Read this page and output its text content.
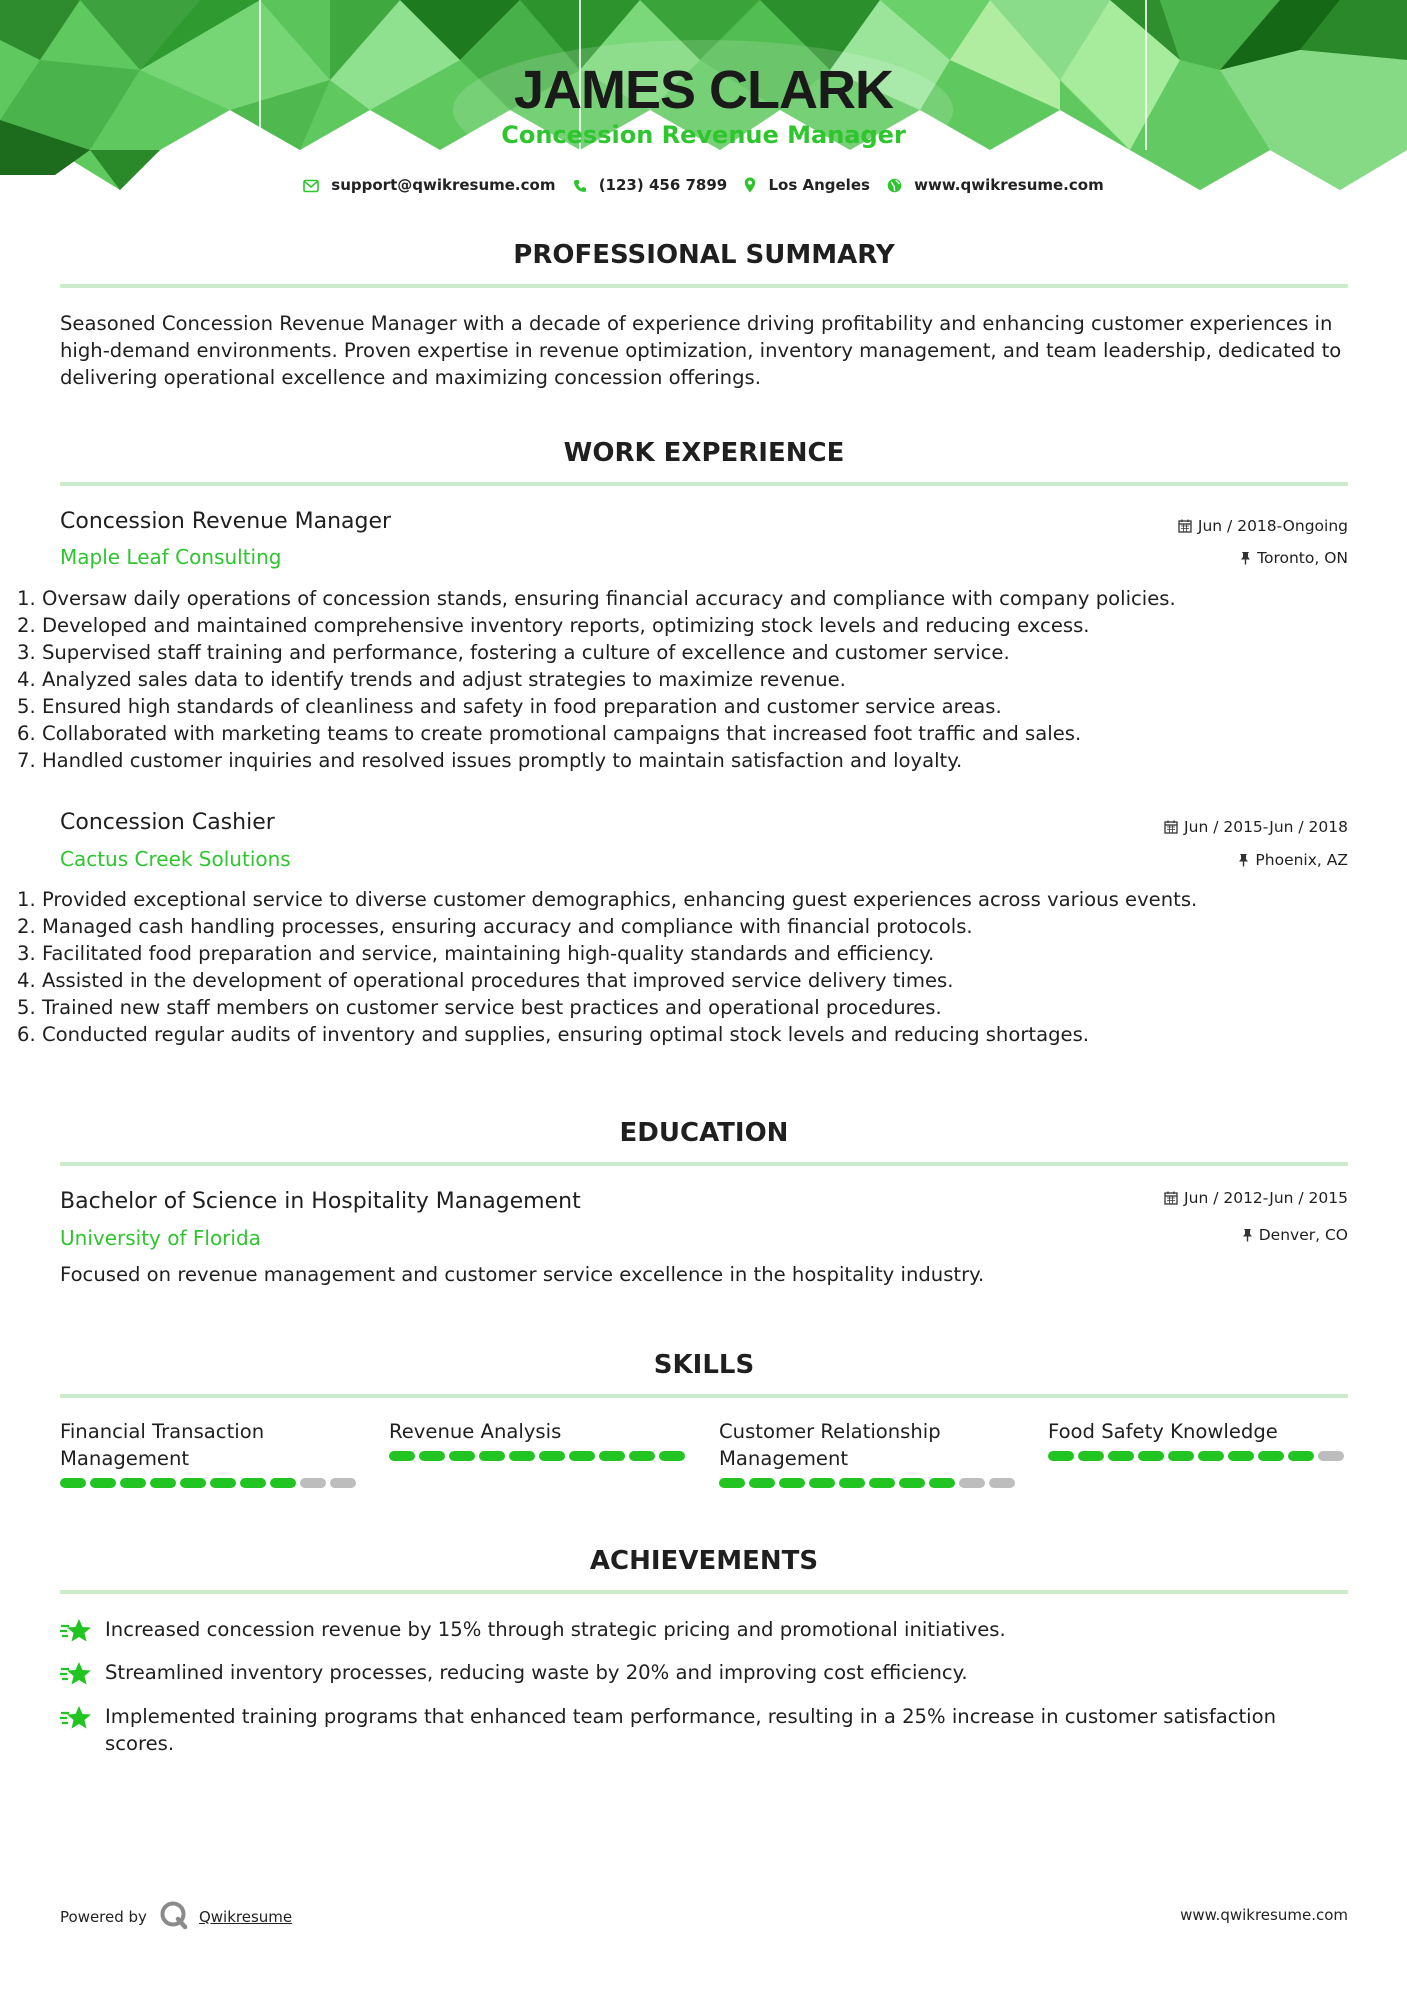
JAMES CLARK
Concession Revenue Manager
support@qwikresume.com	(123) 456 7899	Los Angeles	www.qwikresume.com
PROFESSIONAL SUMMARY

Seasoned Concession Revenue Manager with a decade of experience driving profitability and enhancing customer experiences in high-demand environments. Proven expertise in revenue optimization, inventory management, and team leadership, dedicated to delivering operational excellence and maximizing concession offerings.

WORK EXPERIENCE
Concession Revenue Manager	Jun / 2018-Ongoing
Maple Leaf Consulting	Toronto, ON
1. Oversaw daily operations of concession stands, ensuring financial accuracy and compliance with company policies.
2. Developed and maintained comprehensive inventory reports, optimizing stock levels and reducing excess.
3. Supervised staff training and performance, fostering a culture of excellence and customer service.
4. Analyzed sales data to identify trends and adjust strategies to maximize revenue.
5. Ensured high standards of cleanliness and safety in food preparation and customer service areas.
6. Collaborated with marketing teams to create promotional campaigns that increased foot traffic and sales.
7. Handled customer inquiries and resolved issues promptly to maintain satisfaction and loyalty.
Concession Cashier	Jun / 2015-Jun / 2018
Cactus Creek Solutions	Phoenix, AZ
1. Provided exceptional service to diverse customer demographics, enhancing guest experiences across various events.
2. Managed cash handling processes, ensuring accuracy and compliance with financial protocols.
3. Facilitated food preparation and service, maintaining high-quality standards and efficiency.
4. Assisted in the development of operational procedures that improved service delivery times.
5. Trained new staff members on customer service best practices and operational procedures.
6. Conducted regular audits of inventory and supplies, ensuring optimal stock levels and reducing shortages.
EDUCATION
Bachelor of Science in Hospitality Management	Jun / 2012-Jun / 2015
University of Florida	Denver, CO

Focused on revenue management and customer service excellence in the hospitality industry.

SKILLS
Financial Transaction Management
Revenue Analysis	Customer Relationship Management
Food Safety Knowledge
ACHIEVEMENTS
Increased concession revenue by 15% through strategic pricing and promotional initiatives.
Streamlined inventory processes, reducing waste by 20% and improving cost efficiency.
Implemented training programs that enhanced team performance, resulting in a 25% increase in customer satisfaction scores.
Powered by	Qwikresume	www.qwikresume.com
